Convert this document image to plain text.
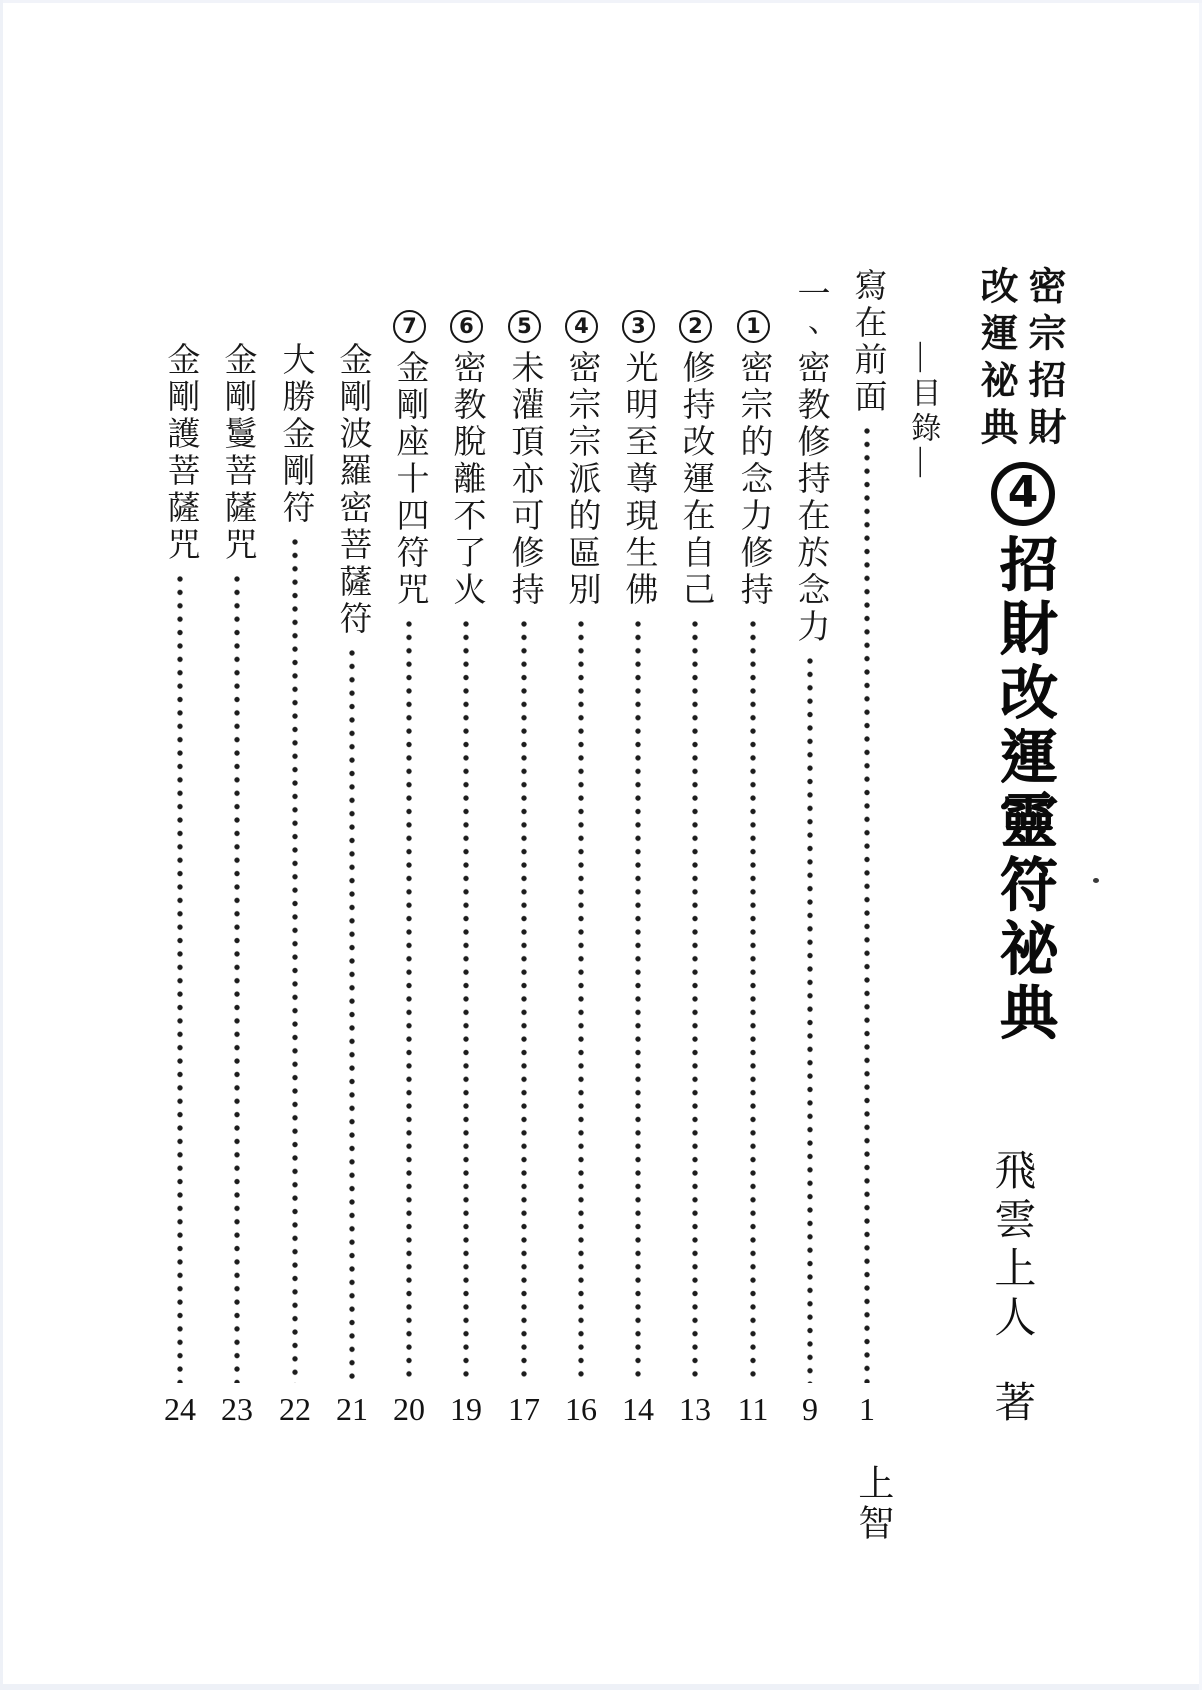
密宗招財
改運祕典
4
招財改運靈符祕典
飛雲上人著
―目錄―
上智
寫在前面
1
一、密教修持在於念力
9
1密宗的念力修持
11
2修持改運在自己
13
3光明至尊現生佛
14
4密宗宗派的區別
16
5未灌頂亦可修持
17
6密教脫離不了火
19
7金剛座十四符咒
20
金剛波羅密菩薩符
21
大勝金剛符
22
金剛鬘菩薩咒
23
金剛護菩薩咒
24
